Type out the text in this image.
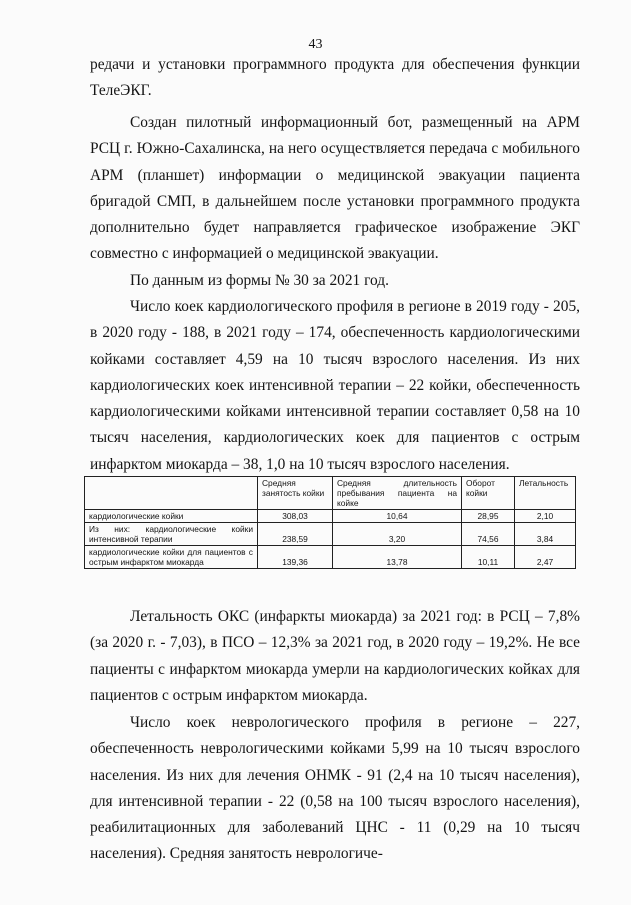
43

редачи и установки программного продукта для обеспечения функции ТелеЭКГ.

Создан пилотный информационный бот, размещенный на АРМ РСЦ г. Южно-Сахалинска, на него осуществляется передача с мобильного АРМ (планшет) информации о медицинской эвакуации пациента бригадой СМП, в дальнейшем после установки программного продукта дополнительно будет направляется графическое изображение ЭКГ совместно с информацией о медицинской эвакуации.

По данным из формы № 30 за 2021 год.

Число коек кардиологического профиля в регионе в 2019 году - 205, в 2020 году - 188, в 2021 году – 174, обеспеченность кардиологическими койками составляет 4,59 на 10 тысяч взрослого населения. Из них кардиологических коек интенсивной терапии – 22 койки, обеспеченность кардиологическими койками интенсивной терапии составляет 0,58 на 10 тысяч населения, кардиологических коек для пациентов с острым инфарктом миокарда – 38, 1,0 на 10 тысяч взрослого населения.

	Средняя занятость койки	Средняя длительность пребывания пациента на койке	Оборот койки	Летальность
кардиологические койки	308,03	10,64	28,95	2,10
Из них: кардиологические койки интенсивной терапии	238,59	3,20	74,56	3,84
кардиологические койки для пациентов с острым инфарктом миокарда	139,36	13,78	10,11	2,47

Летальность ОКС (инфаркты миокарда) за 2021 год: в РСЦ – 7,8% (за 2020 г. - 7,03), в ПСО – 12,3% за 2021 год, в 2020 году – 19,2%. Не все пациенты с инфарктом миокарда умерли на кардиологических койках для пациентов с острым инфарктом миокарда.

Число коек неврологического профиля в регионе – 227, обеспеченность неврологическими койками 5,99 на 10 тысяч взрослого населения. Из них для лечения ОНМК - 91 (2,4 на 10 тысяч населения), для интенсивной терапии - 22 (0,58 на 100 тысяч взрослого населения), реабилитационных для заболеваний ЦНС - 11 (0,29 на 10 тысяч населения). Средняя занятость неврологиче-
